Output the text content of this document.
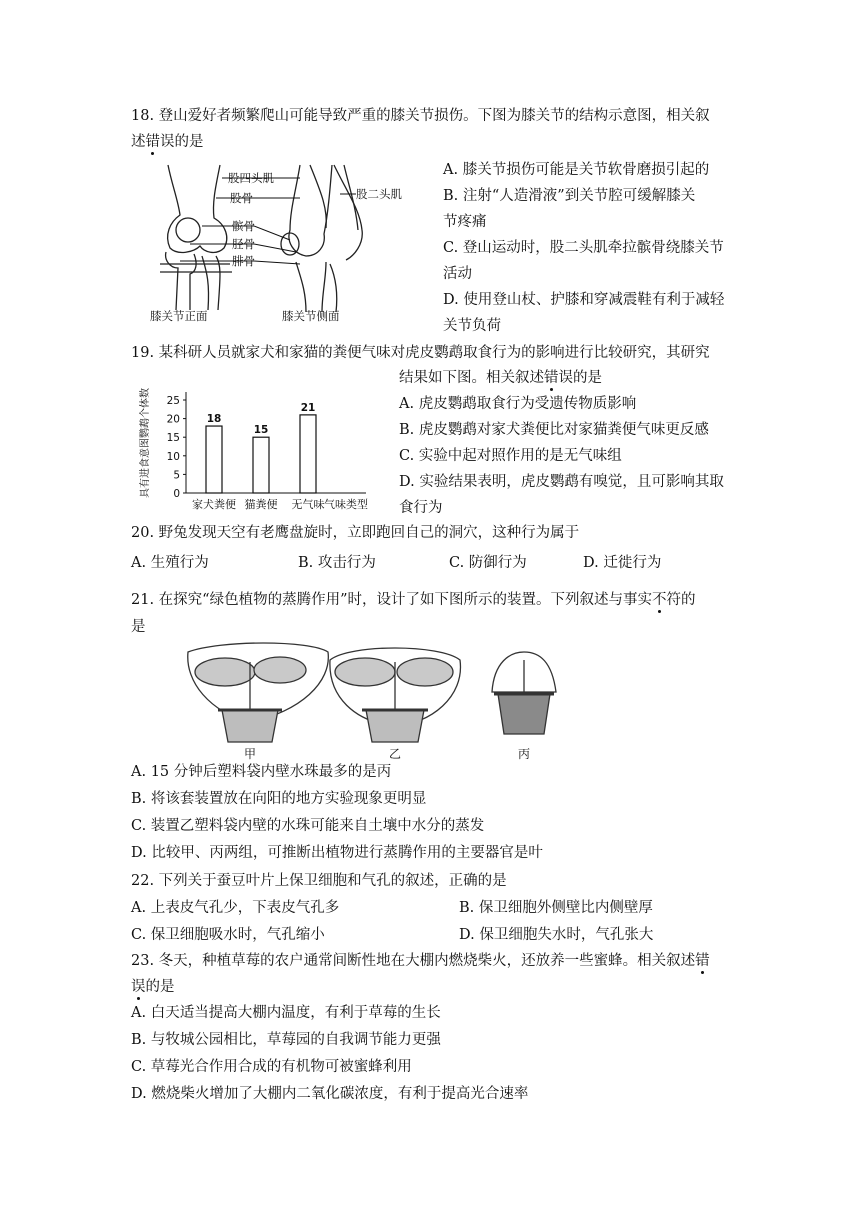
18. 登山爱好者频繁爬山可能导致严重的膝关节损伤。下图为膝关节的结构示意图，相关叙
述错误的是
股四头肌
股骨	股二头肌
髌骨
胫骨
腓骨
膝关节正面	膝关节侧面
A. 膝关节损伤可能是关节软骨磨损引起的
B. 注射“人造滑液”到关节腔可缓解膝关
节疼痛
C. 登山运动时，股二头肌牵拉髌骨绕膝关节
活动
D. 使用登山杖、护膝和穿减震鞋有利于减轻
关节负荷
19. 某科研人员就家犬和家猫的粪便气味对虎皮鹦鹉取食行为的影响进行比较研究，其研究
结果如下图。相关叙述错误的是
具有进食意图鹦鹉个体数 0
5
10
15
20
25
18
家犬粪便
15
猫粪便
21
无气味 气味类型
A. 虎皮鹦鹉取食行为受遗传物质影响
B. 虎皮鹦鹉对家犬粪便比对家猫粪便气味更反感
C. 实验中起对照作用的是无气味组
D. 实验结果表明，虎皮鹦鹉有嗅觉，且可影响其取
食行为
20. 野兔发现天空有老鹰盘旋时，立即跑回自己的洞穴，这种行为属于
A. 生殖行为	B. 攻击行为	C. 防御行为	D. 迁徙行为
21. 在探究“绿色植物的蒸腾作用”时，设计了如下图所示的装置。下列叙述与事实不符的
是
甲	乙	丙
A. 15 分钟后塑料袋内壁水珠最多的是丙
B. 将该套装置放在向阳的地方实验现象更明显
C. 装置乙塑料袋内壁的水珠可能来自土壤中水分的蒸发
D. 比较甲、丙两组，可推断出植物进行蒸腾作用的主要器官是叶
22. 下列关于蚕豆叶片上保卫细胞和气孔的叙述，正确的是
A. 上表皮气孔少，下表皮气孔多	B. 保卫细胞外侧壁比内侧壁厚
C. 保卫细胞吸水时，气孔缩小	D. 保卫细胞失水时，气孔张大
23. 冬天，种植草莓的农户通常间断性地在大棚内燃烧柴火，还放养一些蜜蜂。相关叙述错
误的是
A. 白天适当提高大棚内温度，有利于草莓的生长
B. 与牧城公园相比，草莓园的自我调节能力更强
C. 草莓光合作用合成的有机物可被蜜蜂利用
D. 燃烧柴火增加了大棚内二氧化碳浓度，有利于提高光合速率
